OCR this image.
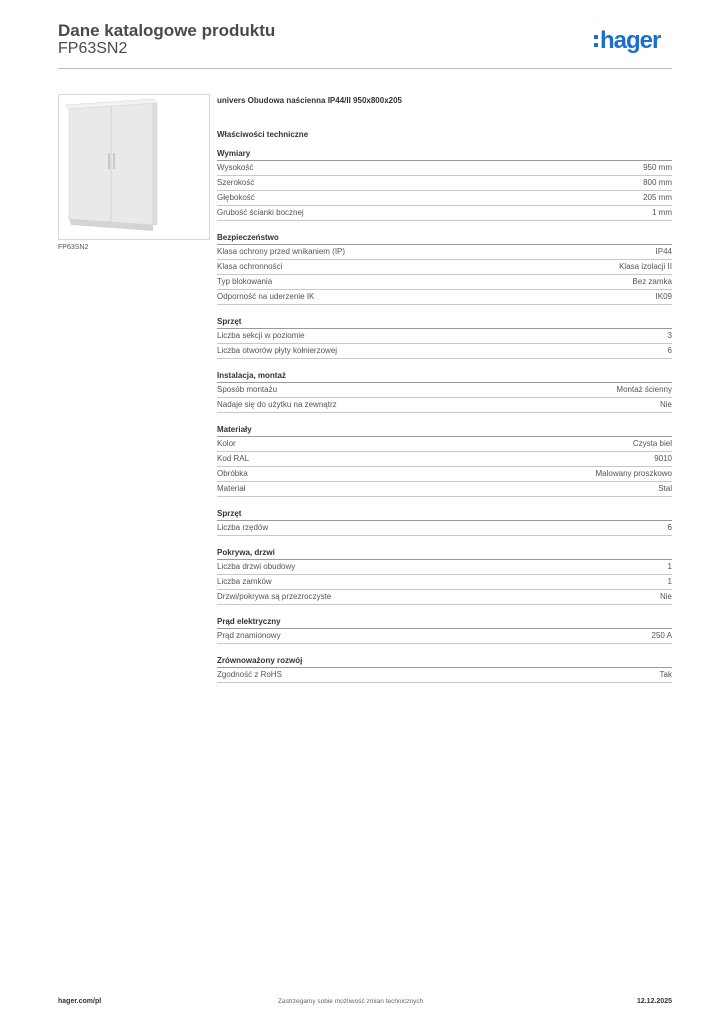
Dane katalogowe produktu
FP63SN2	hager
FP63SN2
univers Obudowa naścienna IP44/II 950x800x205
Właściwości techniczne
Wymiary
Wysokość	950 mm
Szerokość	800 mm
Głębokość	205 mm
Grubość ścianki bocznej	1 mm
Bezpieczeństwo
Klasa ochrony przed wnikaniem (IP)	IP44
Klasa ochronności	Klasa izolacji II
Typ blokowania	Bez zamka
Odporność na uderzenie IK	IK09
Sprzęt
Liczba sekcji w poziomie	3
Liczba otworów płyty kołnierzowej	6
Instalacja, montaż
Sposób montażu	Montaż ścienny
Nadaje się do użytku na zewnątrz	Nie
Materiały
Kolor	Czysta biel
Kod RAL	9010
Obróbka	Malowany proszkowo
Materiał	Stal
Sprzęt
Liczba rzędów	6
Pokrywa, drzwi
Liczba drzwi obudowy	1
Liczba zamków	1
Drzwi/pokrywa są przezroczyste	Nie
Prąd elektryczny
Prąd znamionowy	250 A
Zrównoważony rozwój
Zgodność z RoHS	Tak
hager.com/pl	Zastrzegamy sobie możliwość zmian technicznych	12.12.2025
